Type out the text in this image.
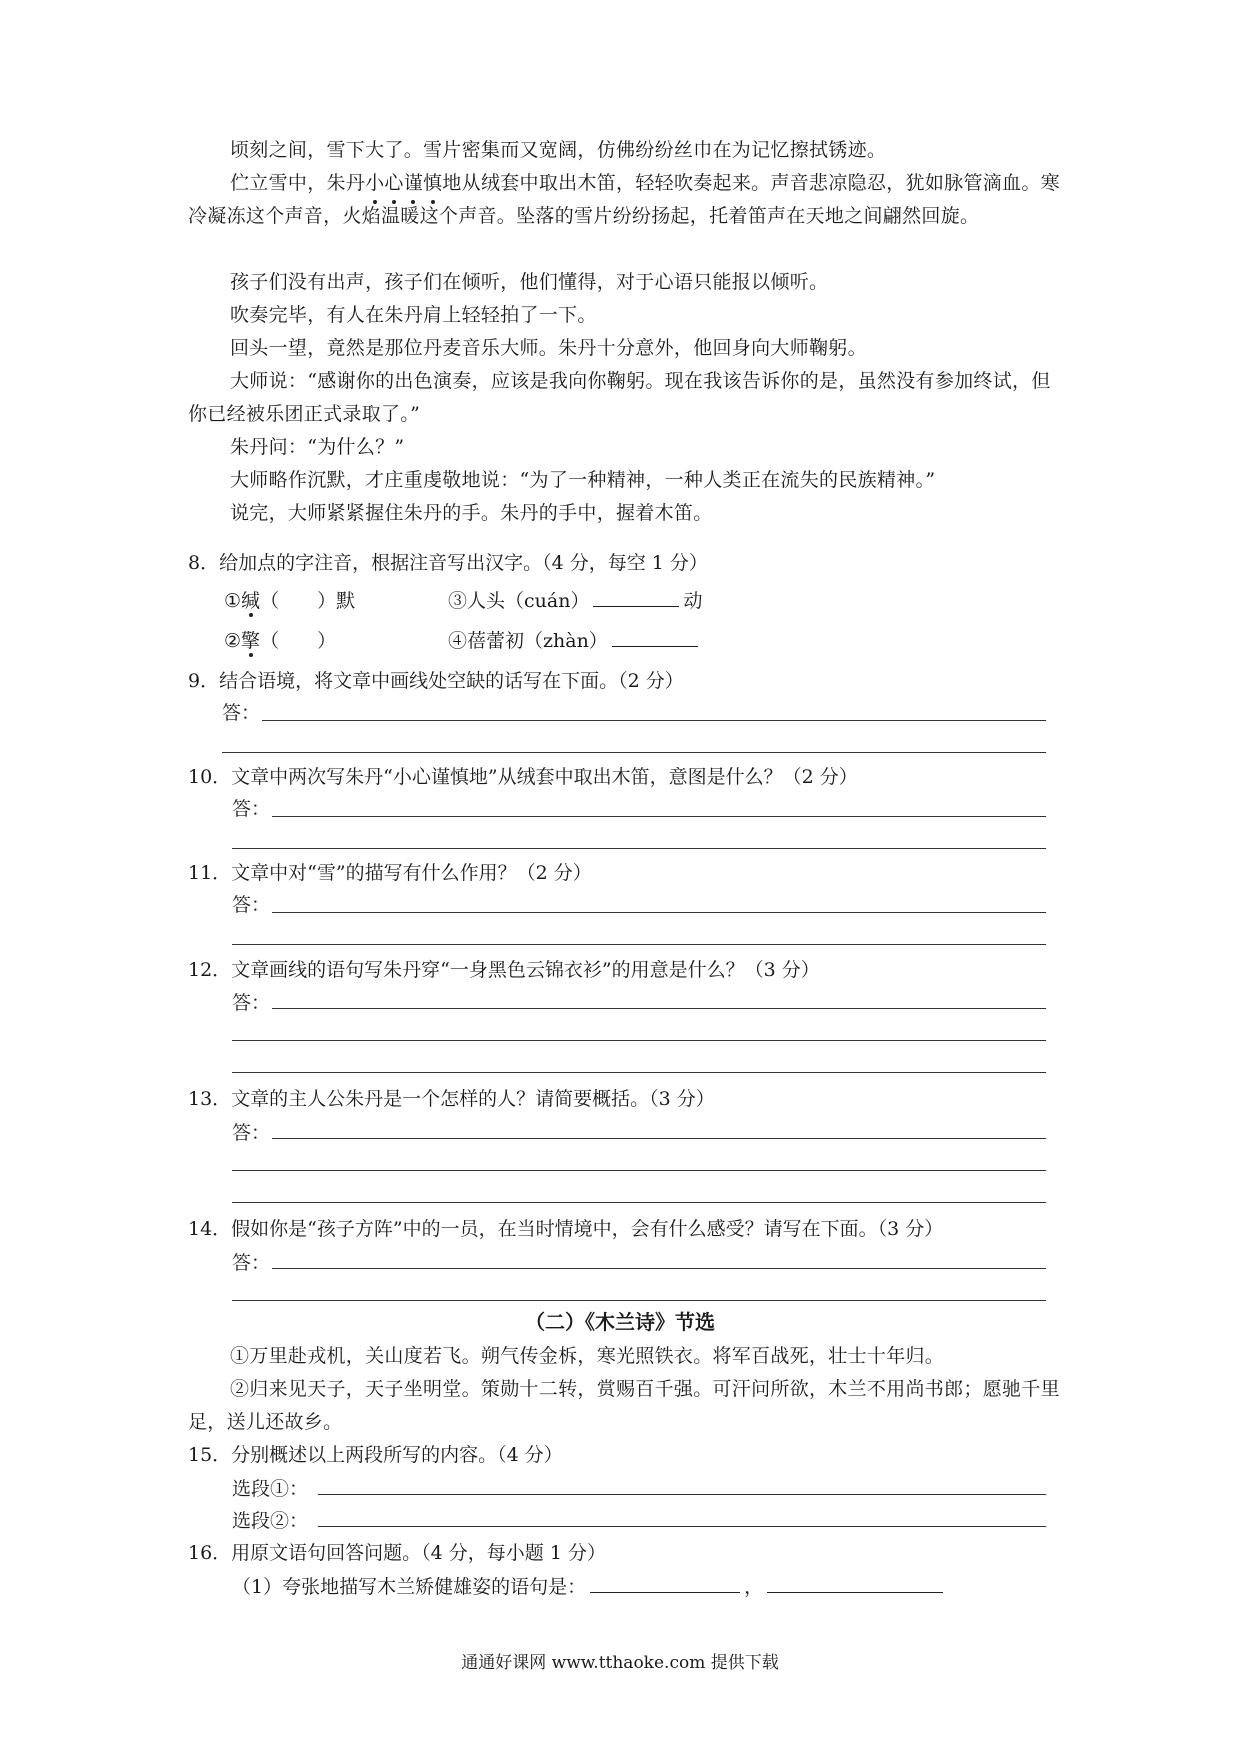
顷刻之间，雪下大了。雪片密集而又宽阔，仿佛纷纷丝巾在为记忆擦拭锈迹。

伫立雪中，朱丹小心谨慎地从绒套中取出木笛，轻轻吹奏起来。声音悲凉隐忍，犹如脉管滴血。寒冷凝冻这个声音，火焰温暖这个声音。坠落的雪片纷纷扬起，托着笛声在天地之间翩然回旋。

孩子们没有出声，孩子们在倾听，他们懂得，对于心语只能报以倾听。

吹奏完毕，有人在朱丹肩上轻轻拍了一下。

回头一望，竟然是那位丹麦音乐大师。朱丹十分意外，他回身向大师鞠躬。

大师说：“感谢你的出色演奏，应该是我向你鞠躬。现在我该告诉你的是，虽然没有参加终试，但你已经被乐团正式录取了。”

朱丹问：“为什么？”

大师略作沉默，才庄重虔敬地说：“为了一种精神，一种人类正在流失的民族精神。”

说完，大师紧紧握住朱丹的手。朱丹的手中，握着木笛。

8．给加点的字注音，根据注音写出汉字。（4 分，每空 1 分）

①缄（　　）默	③人头（cuán）	动
②擎（　　）	④蓓蕾初（zhàn）

9．结合语境，将文章中画线处空缺的话写在下面。（2 分）

答：

10．文章中两次写朱丹“小心谨慎地”从绒套中取出木笛，意图是什么？（2 分）

答：

11．文章中对“雪”的描写有什么作用？（2 分）

答：

12．文章画线的语句写朱丹穿“一身黑色云锦衣衫”的用意是什么？（3 分）

答：

13．文章的主人公朱丹是一个怎样的人？请简要概括。（3 分）

答：

14．假如你是“孩子方阵”中的一员，在当时情境中，会有什么感受？请写在下面。（3 分）

答：
（二）《木兰诗》节选

①万里赴戎机，关山度若飞。朔气传金柝，寒光照铁衣。将军百战死，壮士十年归。

②归来见天子，天子坐明堂。策勋十二转，赏赐百千强。可汗问所欲，木兰不用尚书郎；愿驰千里足，送儿还故乡。

15．分别概述以上两段所写的内容。（4 分）

选段①：
选段②：

16．用原文语句回答问题。（4 分，每小题 1 分）

（1）夸张地描写木兰矫健雄姿的语句是：	，
通通好课网 www.tthaoke.com 提供下载
